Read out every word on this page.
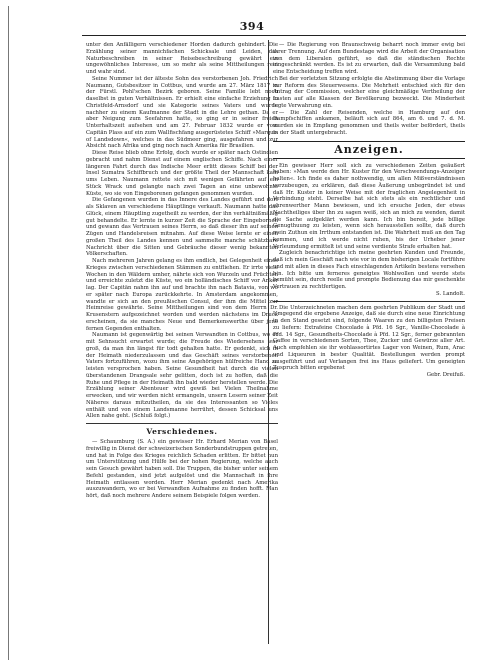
394

unter den Anfälligern verschiedener Horden dadurch gehindert. Die Erzählung seiner mannichfachen Schicksale und Leiden, das Naturbeschreiben in seiner Reisebeschreibung gewährt ein ungewöhnliches Interesse, um so mehr als seine Mittheilungen rein und wahr sind.

Seine Nummer ist der älteste Sohn des verstorbenen Joh. Friedrich Naumann, Gutsbesitzer in Cottbus, und wurde am 27. März 1817 in der Fürstl. Pohl'schen Bezirk geboren. Seine Familie lebt noch daselbst in guten Verhältnissen. Er erhielt eine einfache Erziehung in Christfeld-Arnsdorf und sie Kategorie seines Vaters und wurde nachher zu einem Kaufmanne der Stadt in die Lehre gethan. Da er aber Neigung zum Seefahren hatte, so ging er in seiner freien Unterhaltszeit aufsehen und am 27. Februar 1832 wurde er vom Capitän Plass auf ein zum Wallfischfang ausgerüstetes Schiff »Marquis of Landsdown«, welches in das Südmeer ging, ausgefahren und zur Absicht nach Afrika und ging noch nach Amerika für Brasilien.

Diese Reise blieb ohne Erfolg, doch wurde er später nach Ostindien gebracht und nahm Dienst auf einem englischen Schiffe. Nach einer längeren Fahrt durch das Indische Meer erlitt dieses Schiff bei der Insel Sumatra Schiffbruch und der größte Theil der Mannschaft kam ums Leben. Naumann rettete sich mit wenigen Gefährten auf ein Stück Wrack und gelangte nach zwei Tagen an eine unbewohnte Küste, wo sie von Eingeborenen gefangen genommen wurden.

Die Gefangenen wurden in das Innere des Landes geführt und dort als Sklaven an verschiedene Häuptlinge verkauft. Naumann hatte das Glück, einem Häuptling zugetheilt zu werden, der ihn verhältnißmäßig gut behandelte. Er lernte in kurzer Zeit die Sprache der Eingebornen und gewann das Vertrauen seines Herrn, so daß dieser ihn auf seinen Zügen und Handelsreisen mitnahm. Auf diese Weise lernte er einen großen Theil des Landes kennen und sammelte manche schätzbare Nachricht über die Sitten und Gebräuche dieser wenig bekannten Völkerschaften.

Nach mehreren Jahren gelang es ihm endlich, bei Gelegenheit eines Krieges zwischen verschiedenen Stämmen zu entfliehen. Er irrte viele Wochen in den Wäldern umher, nährte sich von Wurzeln und Früchten und erreichte zuletzt die Küste, wo ein holländisches Schiff vor Anker lag. Der Capitän nahm ihn auf und brachte ihn nach Batavia, von wo er später nach Europa zurückkehrte. In Amsterdam angekommen, wandte er sich an den preußischen Consul, der ihm die Mittel zur Heimreise gewährte. Seine Mittheilungen sind von dem Herrn Dr. Krusenstern aufgezeichnet worden und werden nächstens im Druck erscheinen, da sie manches Neue und Bemerkenswerthe über jene fernen Gegenden enthalten.

Naumann ist gegenwärtig bei seinen Verwandten in Cottbus, wo er mit Sehnsucht erwartet wurde; die Freude des Wiedersehens war groß, da man ihn längst für todt gehalten hatte. Er gedenkt, sich in der Heimath niederzulassen und das Geschäft seines verstorbenen Vaters fortzuführen, wozu ihm seine Angehörigen hülfreiche Hand zu leisten versprochen haben. Seine Gesundheit hat durch die vielen überstandenen Drangsale sehr gelitten, doch ist zu hoffen, daß die Ruhe und Pflege in der Heimath ihn bald wieder herstellen werde. Die Erzählung seiner Abenteuer wird gewiß bei Vielen Theilnahme erwecken, und wir werden nicht ermangeln, unsern Lesern seiner Zeit Näheres daraus mitzutheilen, da sie des Interessanten so Vieles enthält und von einem Landsmanne herrührt, dessen Schicksal uns Allen nahe geht. (Schluß folgt.)

Verschiedenes.

— Schaumburg (S. A.) ein gewisser Hr. Erhard Merian von Basel freiwillig in Dienst der schweizerischen Sonderbundstruppen getreten, und hat in Folge des Krieges reichlich Schaden erlitten. Er bittet nun um Unterstützung und Hülfe bei der hohen Regierung, welche auch sein Gesuch gewährt haben soll. Die Truppen, die bisher unter seinem Befehl gestanden, sind jetzt aufgelöst und die Mannschaft in ihre Heimath entlassen worden. Herr Merian gedenkt nach Amerika auszuwandern, wo er bei Verwandten Aufnahme zu finden hofft. Man hört, daß noch mehrere Andere seinem Beispiele folgen werden.

— Die Regierung von Braunschweig beharrt noch immer ewig bei ihrer Trennung. Auf dem Bundestage wird die Arbeit der Organisation von dem Liberalen geführt, so daß die ständischen Rechte eingeschränkt werden. Es ist zu erwarten, daß die Versammlung bald eine Entscheidung treffen wird.

Bei der vorletzten Sitzung erfolgte die Abstimmung über die Vorlage zur Reform des Steuerwesens. Die Mehrheit entschied sich für den Antrag der Commission, welcher eine gleichmäßige Vertheilung der Lasten auf alle Klassen der Bevölkerung bezweckt. Die Minderheit legte Verwahrung ein.

— Die Zahl der Reisenden, welche in Hamburg auf den Dampfschiffen ankamen, beläuft sich auf 864, am 6. und 7. d. M. wurden sie in Empfang genommen und theils weiter befördert, theils in der Stadt untergebracht.

Anzeigen.

Ein gewisser Herr soll sich zu verschiedenen Zeiten geäußert haben: »Man werde den Hr. Kuster für den Verschwendungs-Anzeiger halten«. Ich finde es daher nothwendig, um allen Mißverständnissen vorzubeugen, zu erklären, daß diese Äußerung unbegründet ist und daß Hr. Kuster in keiner Weise mit der fraglichen Angelegenheit in Verbindung steht. Derselbe hat sich stets als ein rechtlicher und ehrenwerther Mann bewiesen, und ich ersuche Jeden, der etwas Nachtheiliges über ihn zu sagen weiß, sich an mich zu wenden, damit die Sache aufgeklärt werden kann. Ich bin bereit, jede billige Genugthuung zu leisten, wenn sich herausstellen sollte, daß durch mein Zuthun ein Irrthum entstanden ist. Die Wahrheit muß an den Tag kommen, und ich werde nicht ruhen, bis der Urheber jener Verleumdung ermittelt ist und seine verdiente Strafe erhalten hat.

Zugleich benachrichtige ich meine geehrten Kunden und Freunde, daß ich mein Geschäft nach wie vor in dem bisherigen Locale fortführe und mit allen in dieses Fach einschlagenden Artikeln bestens versehen bin. Ich bitte um ferneres geneigtes Wohlwollen und werde stets bemüht sein, durch reelle und prompte Bedienung das mir geschenkte Vertrauen zu rechtfertigen.

S. Landolt.

Die Unterzeichneten machen dem geehrten Publikum der Stadt und Umgegend die ergebene Anzeige, daß sie durch eine neue Einrichtung in den Stand gesetzt sind, folgende Waaren zu den billigsten Preisen zu liefern: Extrafeine Chocolade à Pfd. 16 Sgr., Vanille-Chocolade à Pfd. 14 Sgr., Gesundheits-Chocolade à Pfd. 12 Sgr., ferner gebrannten Caffee in verschiedenen Sorten, Thee, Zucker und Gewürze aller Art. Auch empfehlen sie ihr wohlassortirtes Lager von Weinen, Rum, Arac und Liqueuren in bester Qualität. Bestellungen werden prompt ausgeführt und auf Verlangen frei ins Haus geliefert. Um geneigten Zuspruch bitten ergebenst

Gebr. Dreifuß.
